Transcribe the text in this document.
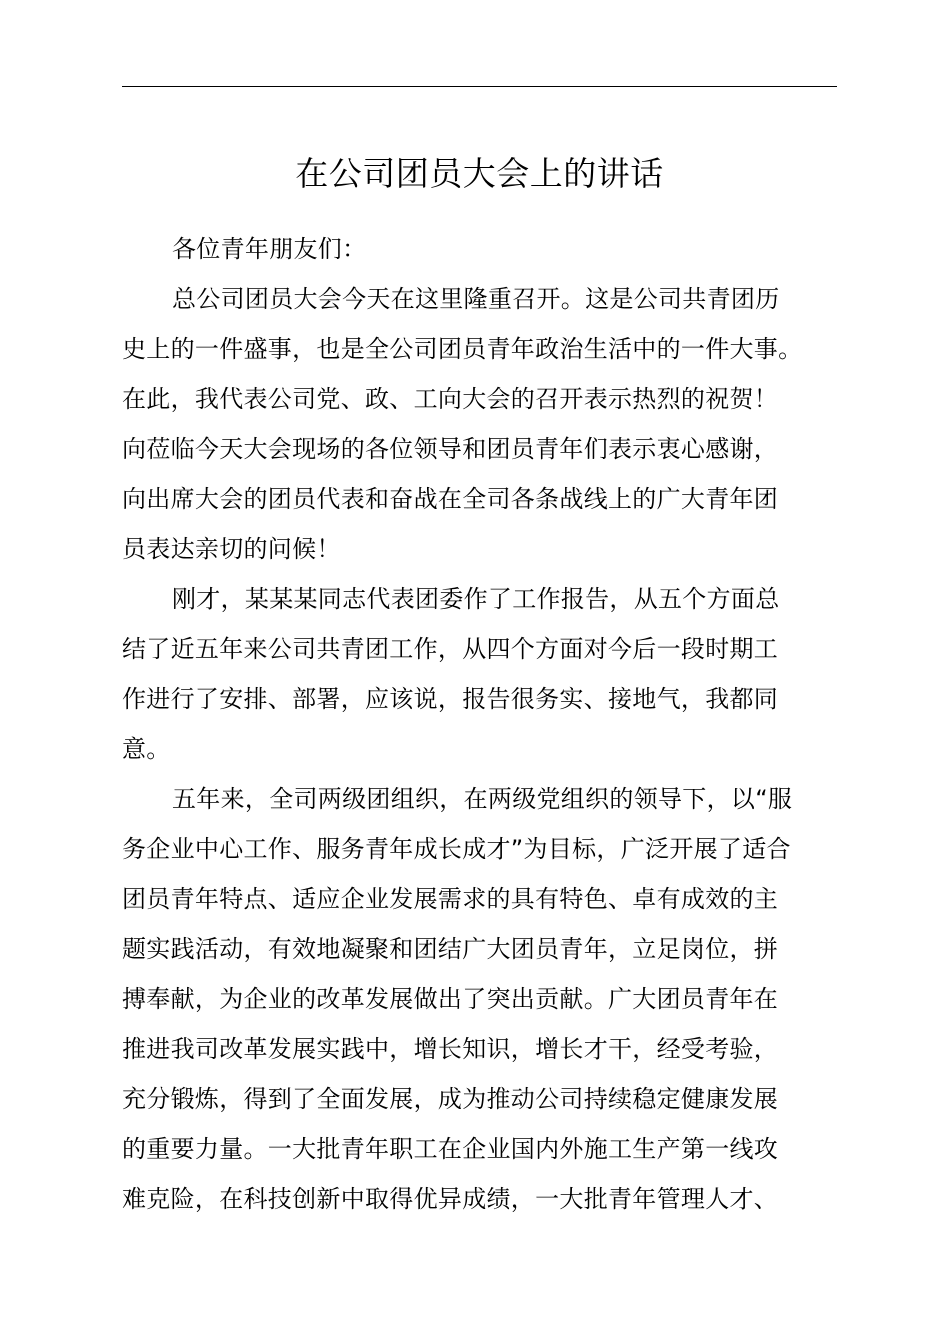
在公司团员大会上的讲话

各位青年朋友们：

总公司团员大会今天在这里隆重召开。这是公司共青团历
史上的一件盛事，也是全公司团员青年政治生活中的一件大事。
在此，我代表公司党、政、工向大会的召开表示热烈的祝贺！
向莅临今天大会现场的各位领导和团员青年们表示衷心感谢，
向出席大会的团员代表和奋战在全司各条战线上的广大青年团
员表达亲切的问候！

刚才，某某某同志代表团委作了工作报告，从五个方面总
结了近五年来公司共青团工作，从四个方面对今后一段时期工
作进行了安排、部署，应该说，报告很务实、接地气，我都同
意。

五年来，全司两级团组织，在两级党组织的领导下，以“服
务企业中心工作、服务青年成长成才”为目标，广泛开展了适合
团员青年特点、适应企业发展需求的具有特色、卓有成效的主
题实践活动，有效地凝聚和团结广大团员青年，立足岗位，拼
搏奉献，为企业的改革发展做出了突出贡献。广大团员青年在
推进我司改革发展实践中，增长知识，增长才干，经受考验，
充分锻炼，得到了全面发展，成为推动公司持续稳定健康发展
的重要力量。一大批青年职工在企业国内外施工生产第一线攻
难克险，在科技创新中取得优异成绩，一大批青年管理人才、
